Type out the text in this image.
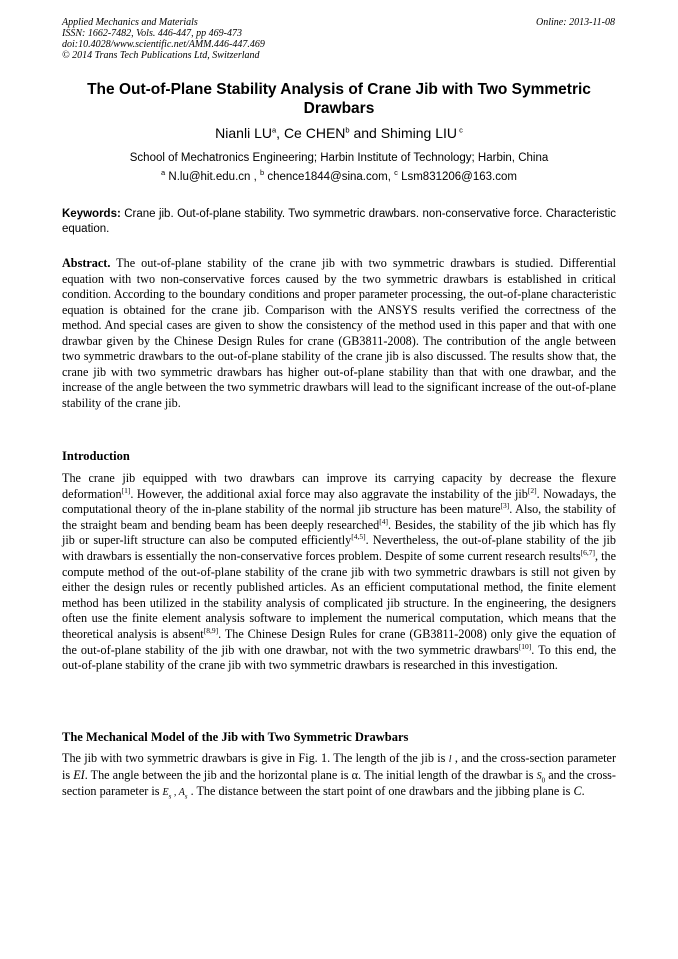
Applied Mechanics and Materials
ISSN: 1662-7482, Vols. 446-447, pp 469-473
doi:10.4028/www.scientific.net/AMM.446-447.469
© 2014 Trans Tech Publications Ltd, Switzerland
Online: 2013-11-08
The Out-of-Plane Stability Analysis of Crane Jib with Two Symmetric Drawbars
Nianli $LU^a$, Ce CHEN$^b$ and Shiming LIU $^c$
School of Mechatronics Engineering; Harbin Institute of Technology; Harbin, China
$^a$ N.lu@hit.edu.cn , $^b$ chence1844@sina.com, $^c$ Lsm831206@163.com
Keywords: Crane jib. Out-of-plane stability. Two symmetric drawbars. non-conservative force. Characteristic equation.
Abstract. The out-of-plane stability of the crane jib with two symmetric drawbars is studied. Differential equation with two non-conservative forces caused by the two symmetric drawbars is established in critical condition. According to the boundary conditions and proper parameter processing, the out-of-plane characteristic equation is obtained for the crane jib. Comparison with the ANSYS results verified the correctness of the method. And special cases are given to show the consistency of the method used in this paper and that with one drawbar given by the Chinese Design Rules for crane (GB3811-2008). The contribution of the angle between two symmetric drawbars to the out-of-plane stability of the crane jib is also discussed. The results show that, the crane jib with two symmetric drawbars has higher out-of-plane stability than that with one drawbar, and the increase of the angle between the two symmetric drawbars will lead to the significant increase of the out-of-plane stability of the crane jib.
Introduction
The crane jib equipped with two drawbars can improve its carrying capacity by decrease the flexure deformation[1]. However, the additional axial force may also aggravate the instability of the jib[2]. Nowadays, the computational theory of the in-plane stability of the normal jib structure has been mature[3]. Also, the stability of the straight beam and bending beam has been deeply researched[4]. Besides, the stability of the jib which has fly jib or super-lift structure can also be computed efficiently[4,5]. Nevertheless, the out-of-plane stability of the jib with drawbars is essentially the non-conservative forces problem. Despite of some current research results[6,7], the compute method of the out-of-plane stability of the crane jib with two symmetric drawbars is still not given by either the design rules or recently published articles. As an efficient computational method, the finite element method has been utilized in the stability analysis of complicated jib structure. In the engineering, the designers often use the finite element analysis software to implement the numerical computation, which means that the theoretical analysis is absent[8,9]. The Chinese Design Rules for crane (GB3811-2008) only give the equation of the out-of-plane stability of the jib with one drawbar, not with the two symmetric drawbars[10]. To this end, the out-of-plane stability of the crane jib with two symmetric drawbars is researched in this investigation.
The Mechanical Model of the Jib with Two Symmetric Drawbars
The jib with two symmetric drawbars is give in Fig. 1. The length of the jib is l , and the cross-section parameter is EI. The angle between the jib and the horizontal plane is α. The initial length of the drawbar is $S_0$ and the cross-section parameter is $E_s$ , $A_s$ . The distance between the start point of one drawbars and the jibbing plane is C.
